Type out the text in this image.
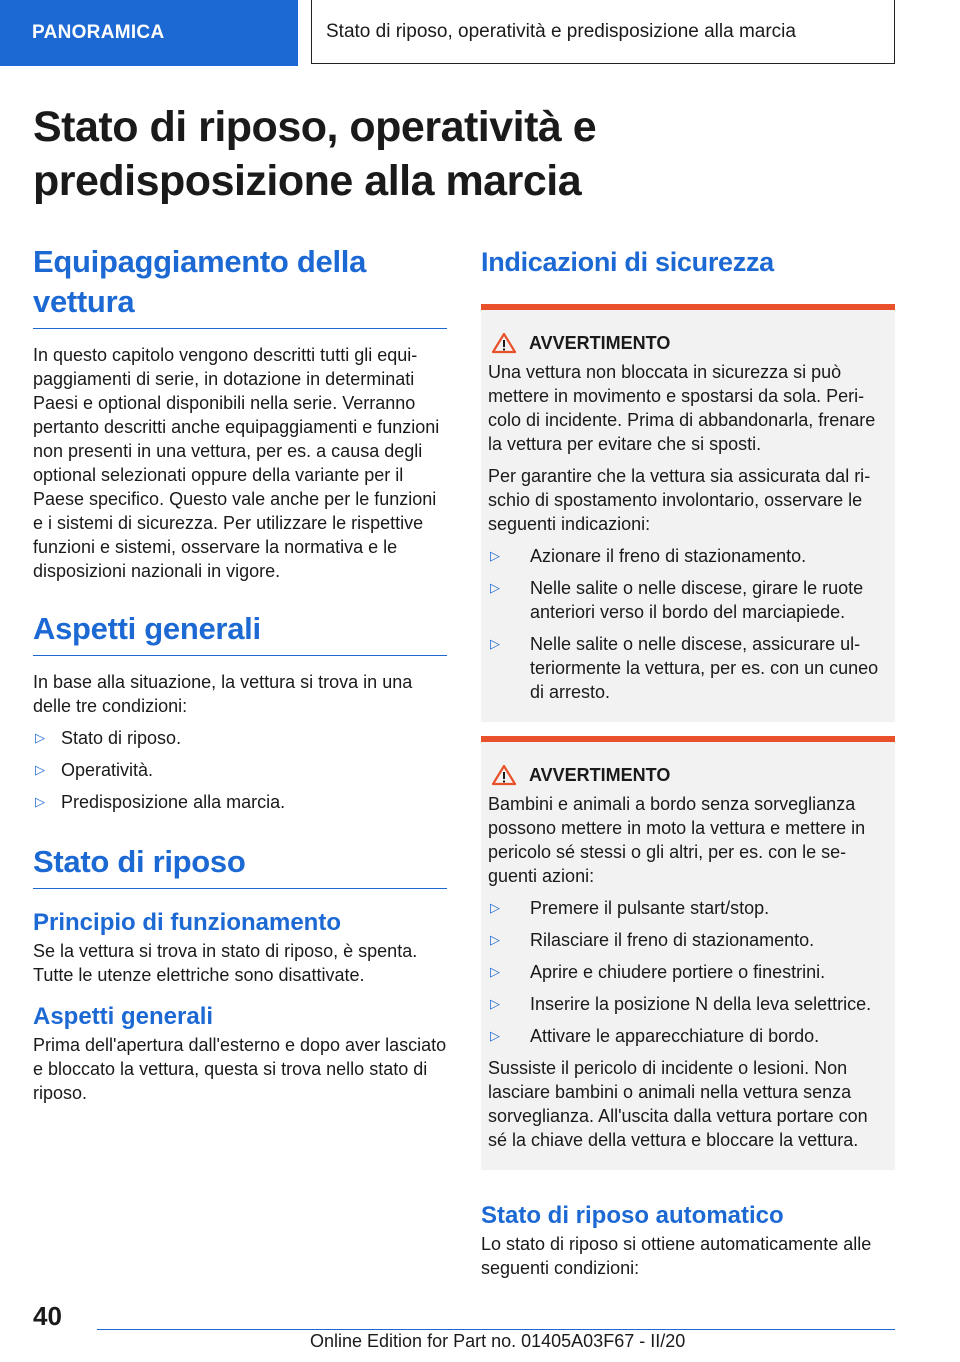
PANORAMICA	Stato di riposo, operatività e predisposizione alla marcia
Stato di riposo, operatività e predisposizione alla marcia
Equipaggiamento della vettura

In questo capitolo vengono descritti tutti gli equipaggiamenti di serie, in dotazione in determinati Paesi e optional disponibili nella serie. Verranno pertanto descritti anche equipaggiamenti e funzioni non presenti in una vettura, per es. a causa degli optional selezionati oppure della variante per il Paese specifico. Questo vale anche per le funzioni e i sistemi di sicurezza. Per utilizzare le rispettive funzioni e sistemi, osservare la normativa e le disposizioni nazionali in vigore.

Aspetti generali

In base alla situazione, la vettura si trova in una delle tre condizioni:

▷ Stato di riposo.
▷ Operatività.
▷ Predisposizione alla marcia.
Stato di riposo
Principio di funzionamento

Se la vettura si trova in stato di riposo, è spenta. Tutte le utenze elettriche sono disattivate.

Aspetti generali

Prima dell'apertura dall'esterno e dopo aver lasciato e bloccato la vettura, questa si trova nello stato di riposo.

Indicazioni di sicurezza
AVVERTIMENTO

Una vettura non bloccata in sicurezza si può mettere in movimento e spostarsi da sola. Pericolo di incidente. Prima di abbandonarla, frenare la vettura per evitare che si sposti.

Per garantire che la vettura sia assicurata dal rischio di spostamento involontario, osservare le seguenti indicazioni:

▷ Azionare il freno di stazionamento.
▷ Nelle salite o nelle discese, girare le ruote anteriori verso il bordo del marciapiede.
▷ Nelle salite o nelle discese, assicurare ulteriormente la vettura, per es. con un cuneo di arresto.
AVVERTIMENTO

Bambini e animali a bordo senza sorveglianza possono mettere in moto la vettura e mettere in pericolo sé stessi o gli altri, per es. con le seguenti azioni:

▷ Premere il pulsante start/stop.
▷ Rilasciare il freno di stazionamento.
▷ Aprire e chiudere portiere o finestrini.
▷ Inserire la posizione N della leva selettrice.
▷ Attivare le apparecchiature di bordo.

Sussiste il pericolo di incidente o lesioni. Non lasciare bambini o animali nella vettura senza sorveglianza. All'uscita dalla vettura portare con sé la chiave della vettura e bloccare la vettura.

Stato di riposo automatico

Lo stato di riposo si ottiene automaticamente alle seguenti condizioni:

40
Online Edition for Part no. 01405A03F67 - II/20
